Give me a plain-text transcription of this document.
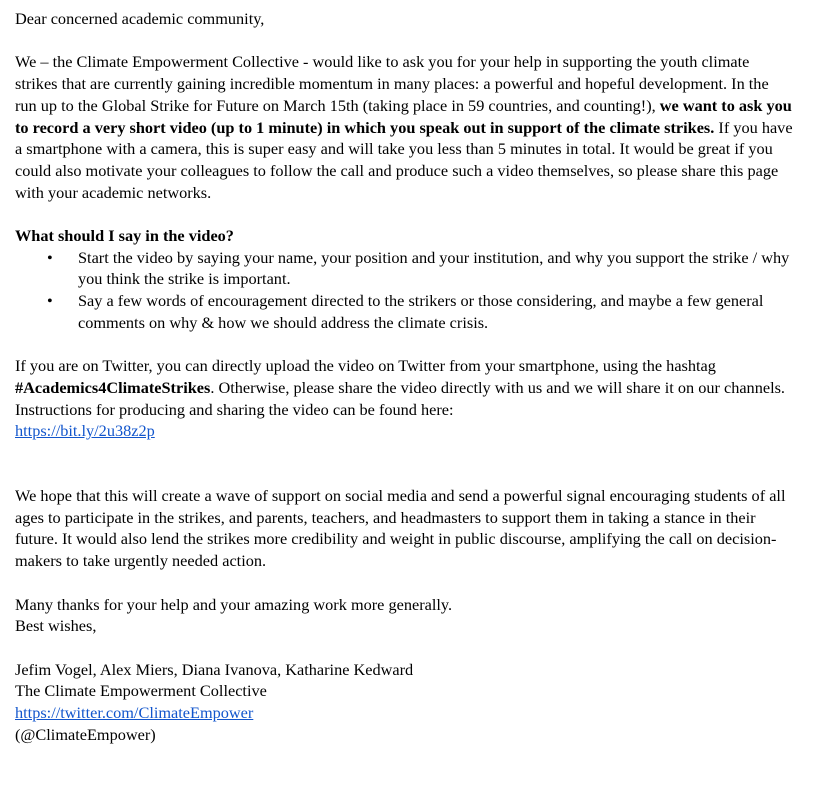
Dear concerned academic community,

We – the Climate Empowerment Collective - would like to ask you for your help in supporting the youth climate strikes that are currently gaining incredible momentum in many places: a powerful and hopeful development. In the run up to the Global Strike for Future on March 15th (taking place in 59 countries, and counting!), we want to ask you to record a very short video (up to 1 minute) in which you speak out in support of the climate strikes. If you have a smartphone with a camera, this is super easy and will take you less than 5 minutes in total. It would be great if you could also motivate your colleagues to follow the call and produce such a video themselves, so please share this page with your academic networks.

What should I say in the video?

• Start the video by saying your name, your position and your institution, and why you support the strike / why you think the strike is important.
• Say a few words of encouragement directed to the strikers or those considering, and maybe a few general comments on why & how we should address the climate crisis.

If you are on Twitter, you can directly upload the video on Twitter from your smartphone, using the hashtag #Academics4ClimateStrikes. Otherwise, please share the video directly with us and we will share it on our channels. Instructions for producing and sharing the video can be found here:

https://bit.ly/2u38z2p

We hope that this will create a wave of support on social media and send a powerful signal encouraging students of all ages to participate in the strikes, and parents, teachers, and headmasters to support them in taking a stance in their future. It would also lend the strikes more credibility and weight in public discourse, amplifying the call on decision-makers to take urgently needed action.

Many thanks for your help and your amazing work more generally.

Best wishes,

Jefim Vogel, Alex Miers, Diana Ivanova, Katharine Kedward

The Climate Empowerment Collective

https://twitter.com/ClimateEmpower

(@ClimateEmpower)
